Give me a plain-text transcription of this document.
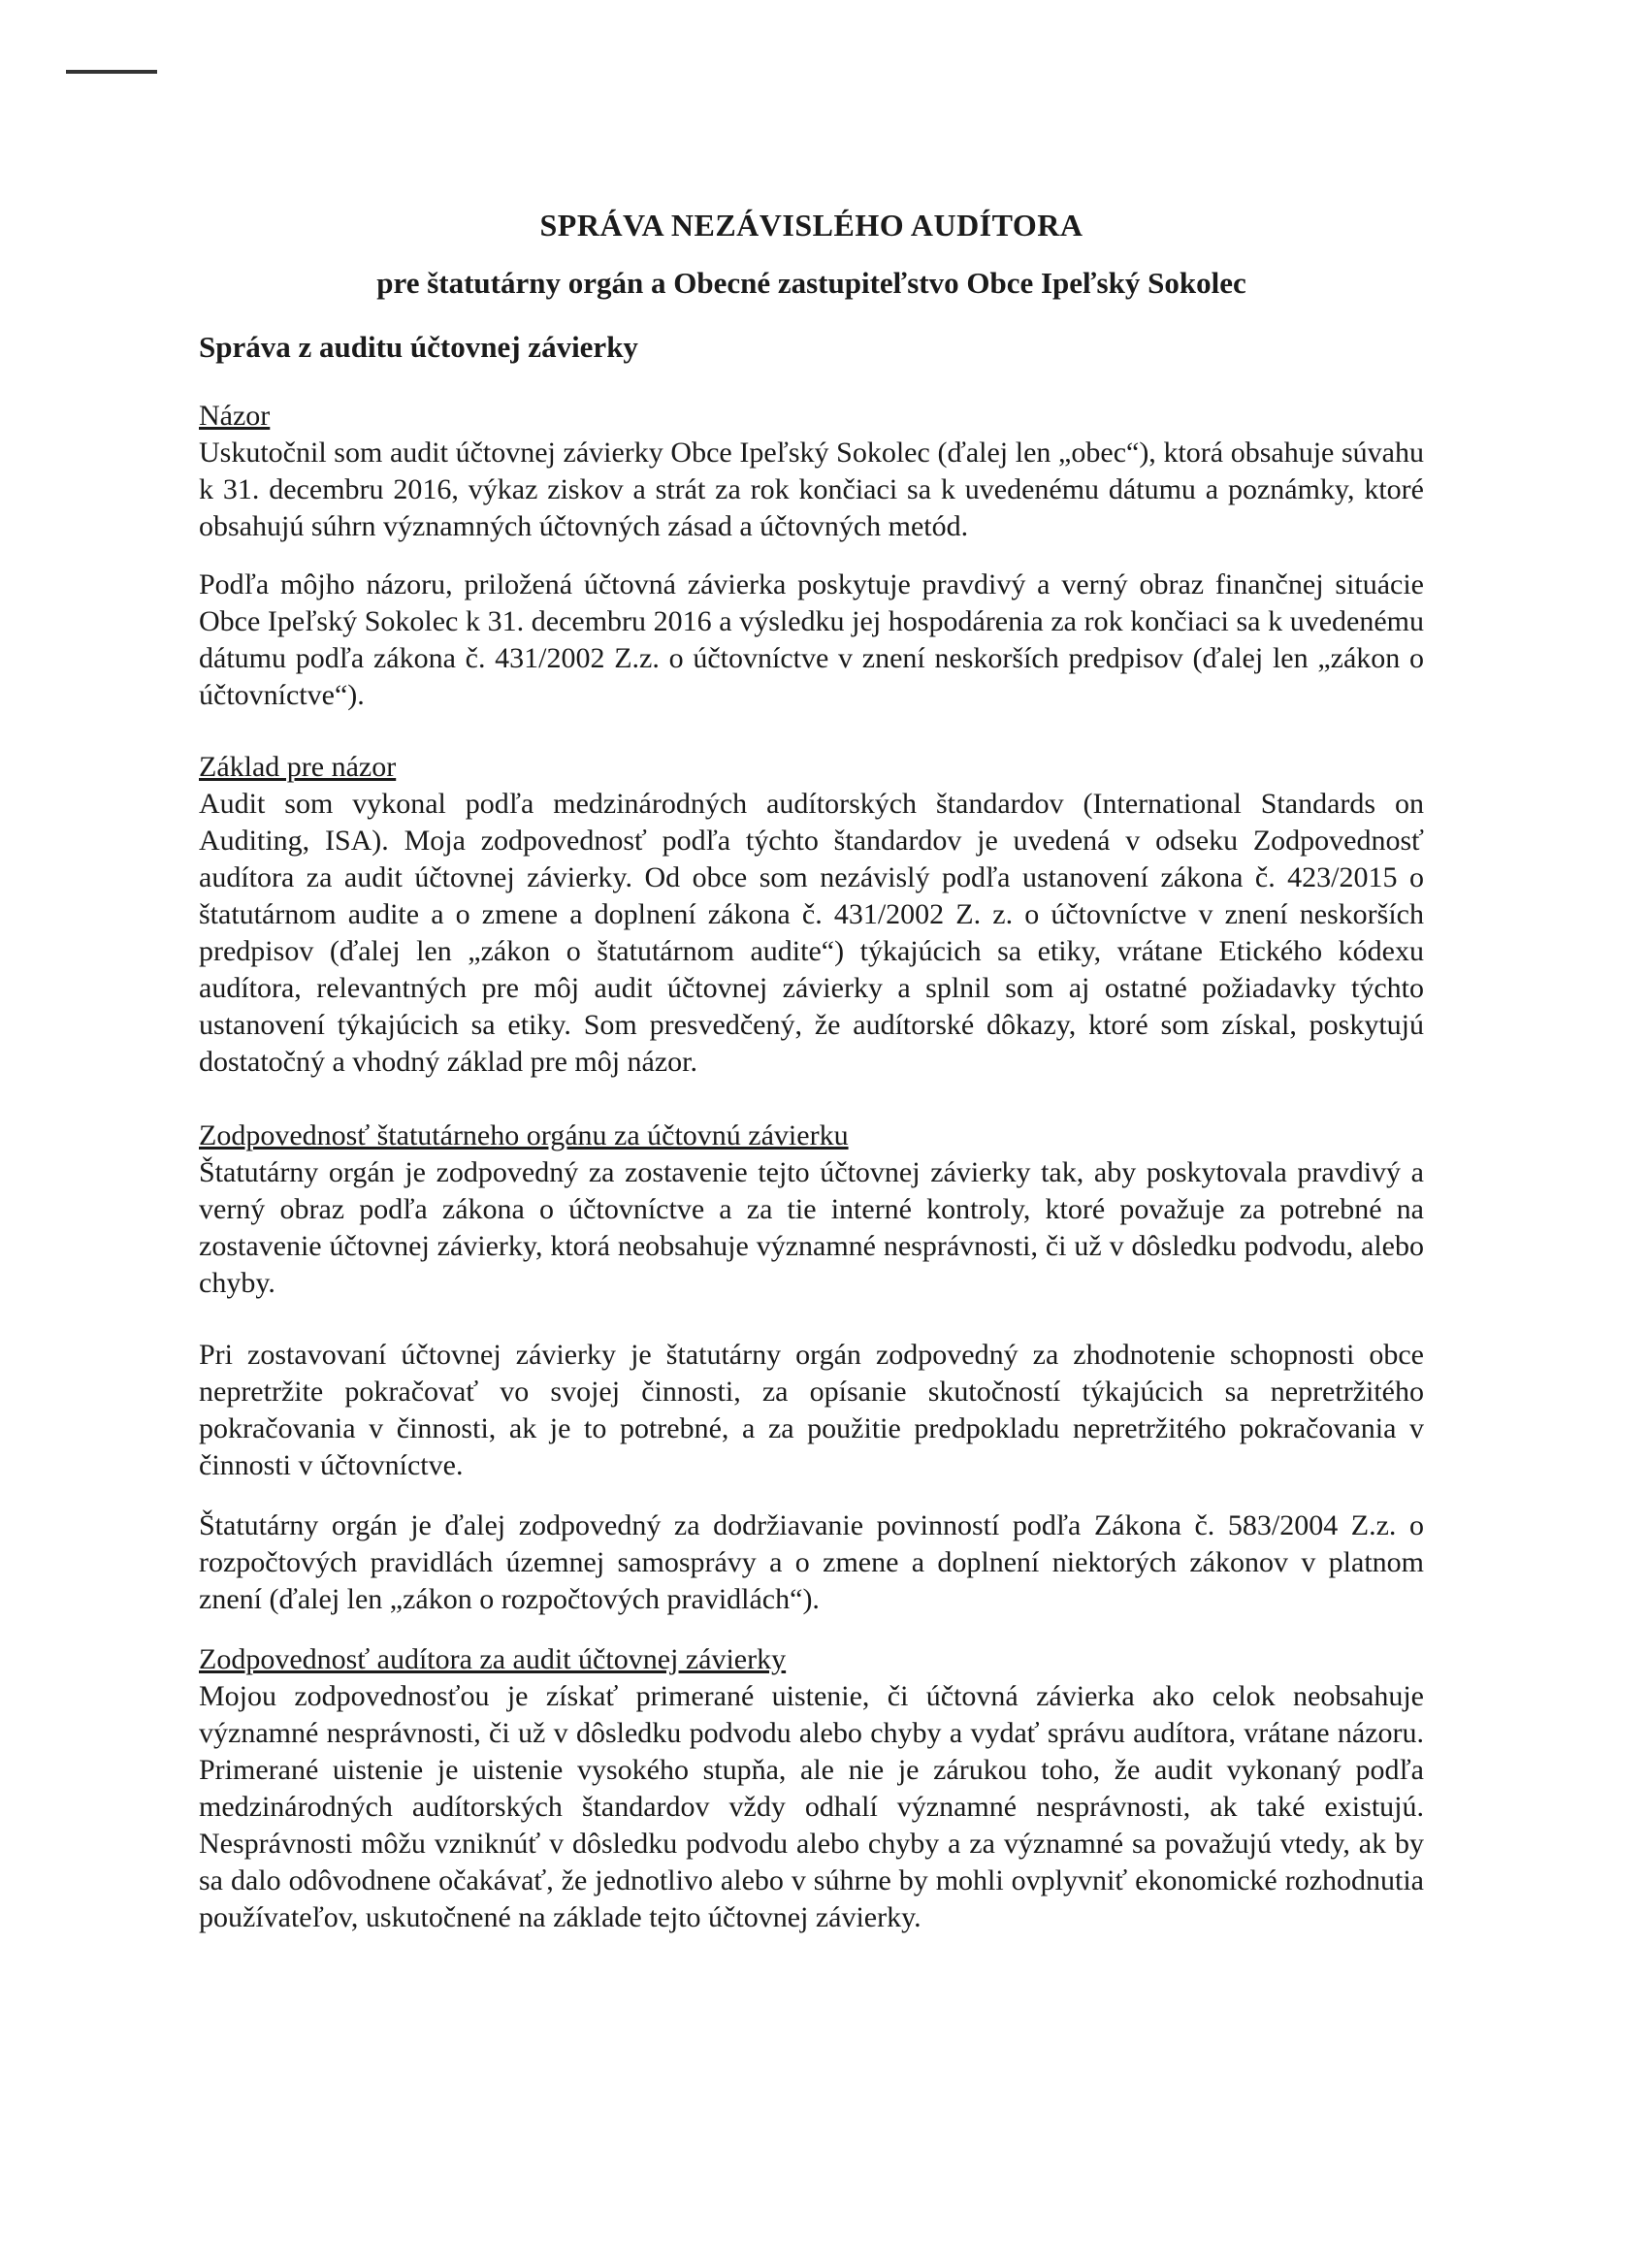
SPRÁVA NEZÁVISLÉHO AUDÍTORA
pre štatutárny orgán a Obecné zastupiteľstvo Obce Ipeľský Sokolec
Správa z auditu účtovnej závierky

Názor

Uskutočnil som audit účtovnej závierky Obce Ipeľský Sokolec (ďalej len „obec“), ktorá obsahuje súvahu k 31. decembru 2016, výkaz ziskov a strát za rok končiaci sa k uvedenému dátumu a poznámky, ktoré obsahujú súhrn významných účtovných zásad a účtovných metód.

Podľa môjho názoru, priložená účtovná závierka poskytuje pravdivý a verný obraz finančnej situácie Obce Ipeľský Sokolec k 31. decembru 2016 a výsledku jej hospodárenia za rok končiaci sa k uvedenému dátumu podľa zákona č. 431/2002 Z.z. o účtovníctve v znení neskorších predpisov (ďalej len „zákon o účtovníctve“).

Základ pre názor

Audit som vykonal podľa medzinárodných audítorských štandardov (International Standards on Auditing, ISA). Moja zodpovednosť podľa týchto štandardov je uvedená v odseku Zodpovednosť audítora za audit účtovnej závierky. Od obce som nezávislý podľa ustanovení zákona č. 423/2015 o štatutárnom audite a o zmene a doplnení zákona č. 431/2002 Z. z. o účtovníctve v znení neskorších predpisov (ďalej len „zákon o štatutárnom audite“) týkajúcich sa etiky, vrátane Etického kódexu audítora, relevantných pre môj audit účtovnej závierky a splnil som aj ostatné požiadavky týchto ustanovení týkajúcich sa etiky. Som presvedčený, že audítorské dôkazy, ktoré som získal, poskytujú dostatočný a vhodný základ pre môj názor.

Zodpovednosť štatutárneho orgánu za účtovnú závierku

Štatutárny orgán je zodpovedný za zostavenie tejto účtovnej závierky tak, aby poskytovala pravdivý a verný obraz podľa zákona o účtovníctve a za tie interné kontroly, ktoré považuje za potrebné na zostavenie účtovnej závierky, ktorá neobsahuje významné nesprávnosti, či už v dôsledku podvodu, alebo chyby.

Pri zostavovaní účtovnej závierky je štatutárny orgán zodpovedný za zhodnotenie schopnosti obce nepretržite pokračovať vo svojej činnosti, za opísanie skutočností týkajúcich sa nepretržitého pokračovania v činnosti, ak je to potrebné, a za použitie predpokladu nepretržitého pokračovania v činnosti v účtovníctve.

Štatutárny orgán je ďalej zodpovedný za dodržiavanie povinností podľa Zákona č. 583/2004 Z.z. o rozpočtových pravidlách územnej samosprávy a o zmene a doplnení niektorých zákonov v platnom znení (ďalej len „zákon o rozpočtových pravidlách“).

Zodpovednosť audítora za audit účtovnej závierky

Mojou zodpovednosťou je získať primerané uistenie, či účtovná závierka ako celok neobsahuje významné nesprávnosti, či už v dôsledku podvodu alebo chyby a vydať správu audítora, vrátane názoru. Primerané uistenie je uistenie vysokého stupňa, ale nie je zárukou toho, že audit vykonaný podľa medzinárodných audítorských štandardov vždy odhalí významné nesprávnosti, ak také existujú. Nesprávnosti môžu vzniknúť v dôsledku podvodu alebo chyby a za významné sa považujú vtedy, ak by sa dalo odôvodnene očakávať, že jednotlivo alebo v súhrne by mohli ovplyvniť ekonomické rozhodnutia používateľov, uskutočnené na základe tejto účtovnej závierky.
